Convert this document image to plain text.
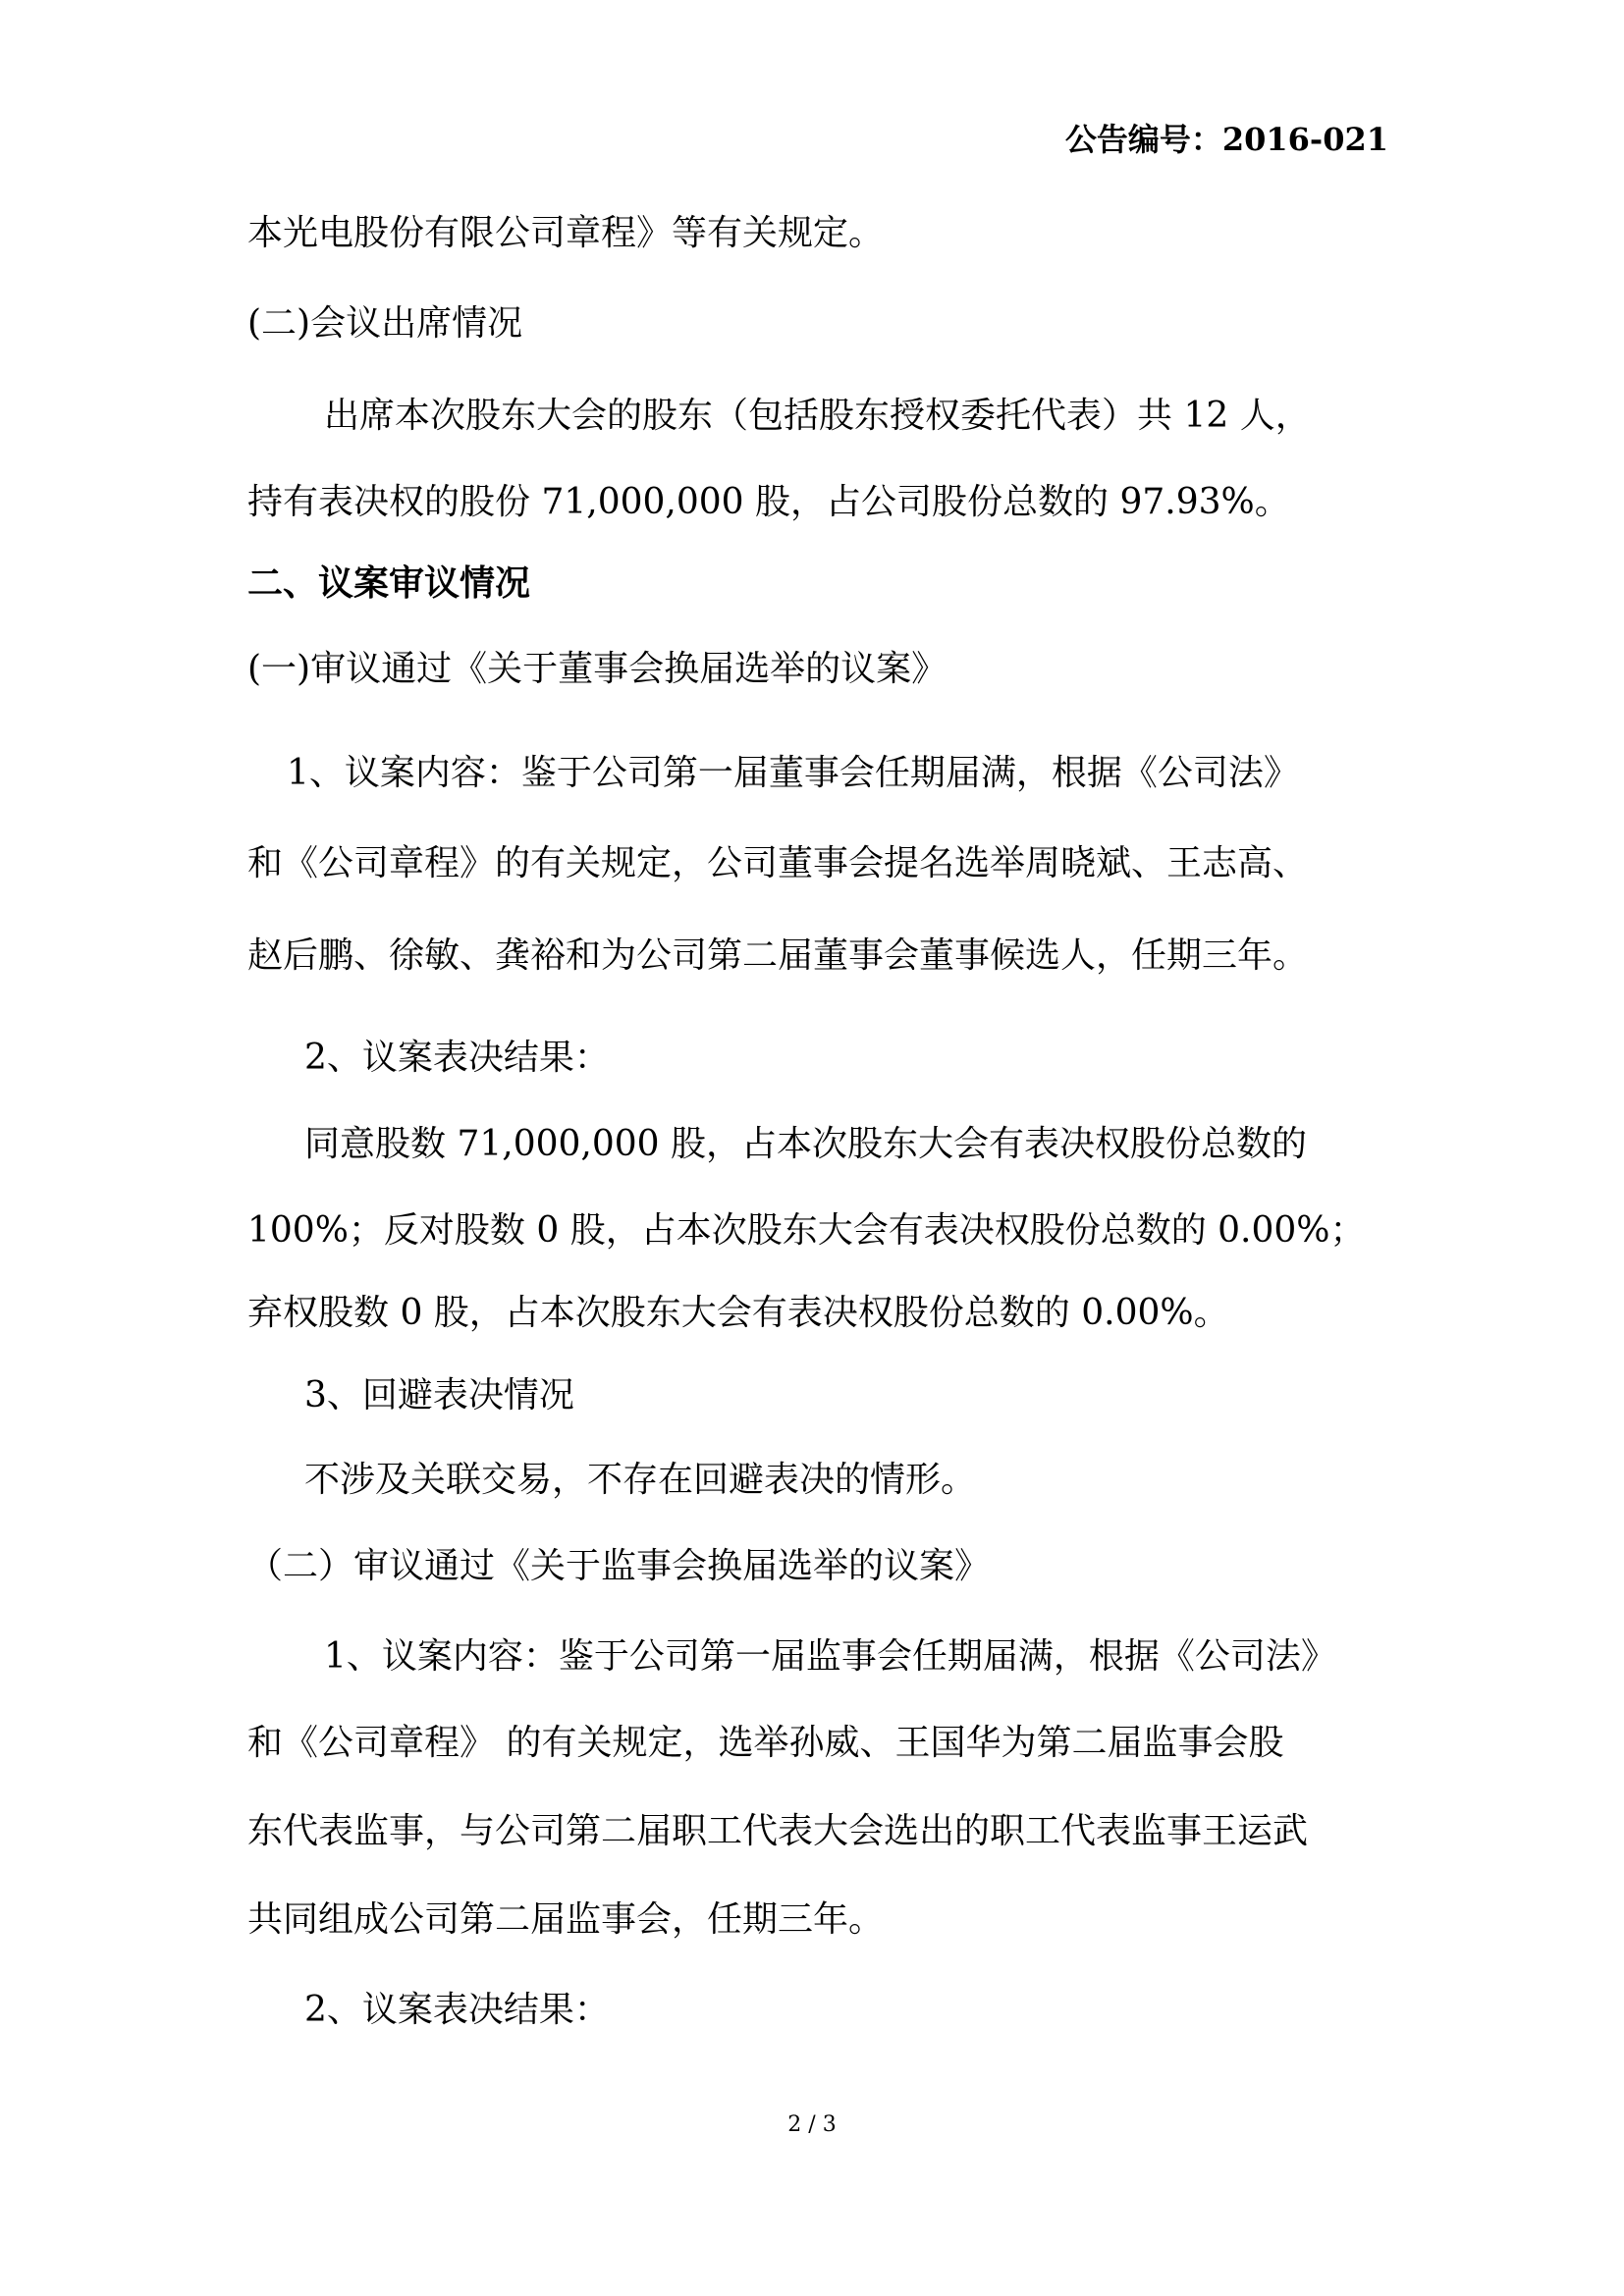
公告编号：2016-021
本光电股份有限公司章程》等有关规定。
(二)会议出席情况
出席本次股东大会的股东（包括股东授权委托代表）共 12 人，
持有表决权的股份 71,000,000 股，占公司股份总数的 97.93%。
二、议案审议情况
(一)审议通过《关于董事会换届选举的议案》
1、议案内容：鉴于公司第一届董事会任期届满，根据《公司法》
和《公司章程》的有关规定，公司董事会提名选举周晓斌、王志高、
赵后鹏、徐敏、龚裕和为公司第二届董事会董事候选人，任期三年。
2、议案表决结果：
同意股数 71,000,000 股，占本次股东大会有表决权股份总数的
100%；反对股数 0 股，占本次股东大会有表决权股份总数的 0.00%；
弃权股数 0 股，占本次股东大会有表决权股份总数的 0.00%。
3、回避表决情况
不涉及关联交易，不存在回避表决的情形。
（二）审议通过《关于监事会换届选举的议案》
1、议案内容：鉴于公司第一届监事会任期届满，根据《公司法》
和《公司章程》 的有关规定，选举孙威、王国华为第二届监事会股
东代表监事，与公司第二届职工代表大会选出的职工代表监事王运武
共同组成公司第二届监事会，任期三年。
2、议案表决结果：
2 / 3
